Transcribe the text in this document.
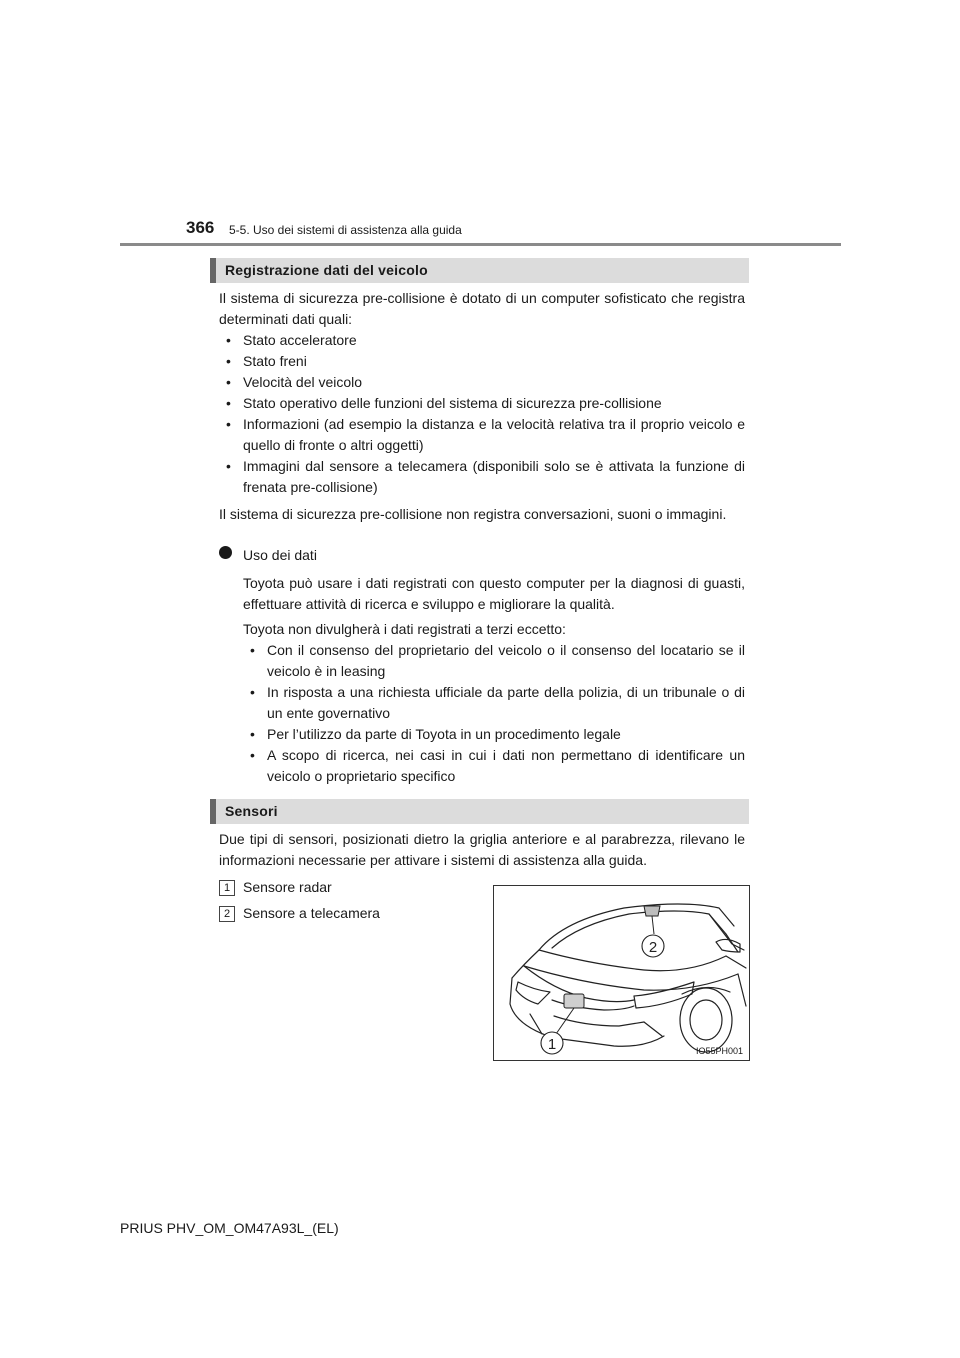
366 5-5. Uso dei sistemi di assistenza alla guida
Registrazione dati del veicolo
Il sistema di sicurezza pre-collisione è dotato di un computer sofisticato che registra determinati dati quali:
• Stato acceleratore
• Stato freni
• Velocità del veicolo
• Stato operativo delle funzioni del sistema di sicurezza pre-collisione
• Informazioni (ad esempio la distanza e la velocità relativa tra il proprio veicolo e quello di fronte o altri oggetti)
• Immagini dal sensore a telecamera (disponibili solo se è attivata la funzione di frenata pre-collisione)
Il sistema di sicurezza pre-collisione non registra conversazioni, suoni o immagini.
Uso dei dati
Toyota può usare i dati registrati con questo computer per la diagnosi di guasti, effettuare attività di ricerca e sviluppo e migliorare la qualità.
Toyota non divulgherà i dati registrati a terzi eccetto:
• Con il consenso del proprietario del veicolo o il consenso del locatario se il veicolo è in leasing
• In risposta a una richiesta ufficiale da parte della polizia, di un tribunale o di un ente governativo
• Per l’utilizzo da parte di Toyota in un procedimento legale
• A scopo di ricerca, nei casi in cui i dati non permettano di identificare un veicolo o proprietario specifico
Sensori
Due tipi di sensori, posizionati dietro la griglia anteriore e al parabrezza, rilevano le informazioni necessarie per attivare i sistemi di assistenza alla guida.
1 Sensore radar
2 Sensore a telecamera
2
1	IO55PH001
PRIUS PHV_OM_OM47A93L_(EL)
